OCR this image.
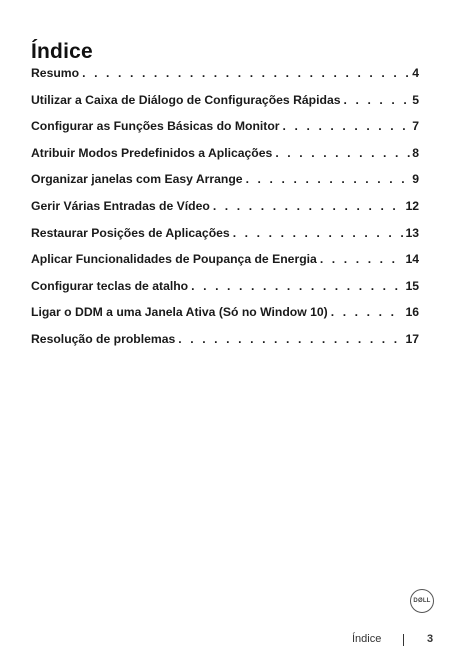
Índice
Resumo . . .	4
Utilizar a Caixa de Diálogo de Configurações Rápidas . . .	5
Configurar as Funções Básicas do Monitor . . .	7
Atribuir Modos Predefinidos a Aplicações . . .	8
Organizar janelas com Easy Arrange . . .	9
Gerir Várias Entradas de Vídeo . . .	12
Restaurar Posições de Aplicações . . .	13
Aplicar Funcionalidades de Poupança de Energia . . .	14
Configurar teclas de atalho . . .	15
Ligar o DDM a uma Janela Ativa (Só no Window 10) . . .	16
Resolução de problemas . . .	17
DØLL
Índice	3
